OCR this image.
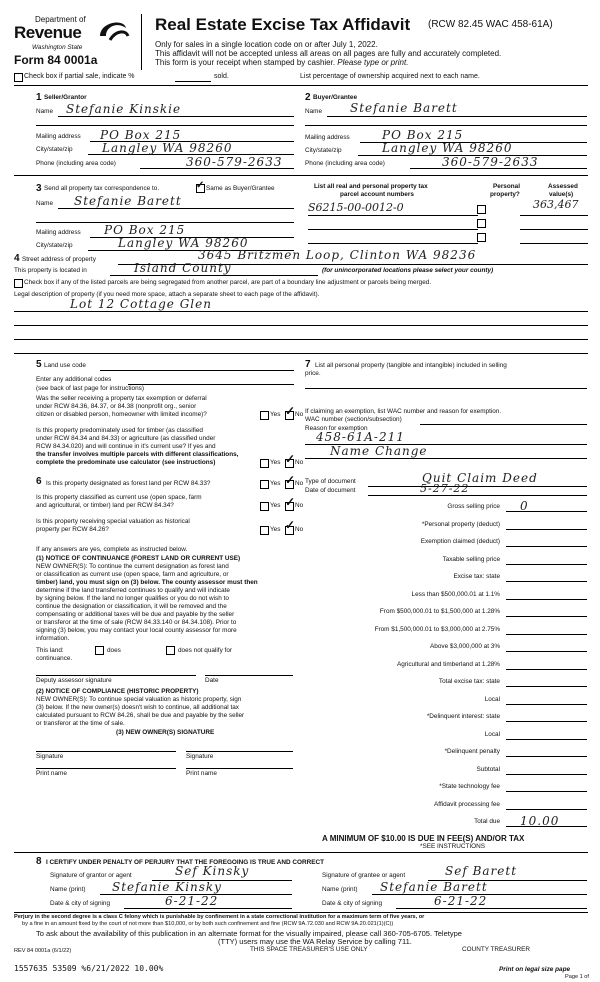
Department of
Revenue
Washington State
Form 84 0001a
Real Estate Excise Tax Affidavit (RCW 82.45 WAC 458-61A)
Only for sales in a single location code on or after July 1, 2022.
This affidavit will not be accepted unless all areas on all pages are fully and accurately completed.
This form is your receipt when stamped by cashier. Please type or print.
Check box if partial sale, indicate %	sold.	List percentage of ownership acquired next to each name.
1 Seller/Grantor
Name Stefanie Kinskie
Mailing address PO Box 215
City/state/zip Langley WA 98260
Phone (including area code)	360-579-2633
2 Buyer/Grantee
Name Stefanie Barett
Mailing address	PO Box 215
City/state/zip	Langley WA 98260
Phone (including area code)	360-579-2633
3 Send all property tax correspondence to.	✓ Same as Buyer/Grantee
Name Stefanie Barett
Mailing address PO Box 215
City/state/zip	Langley WA 98260
List all real and personal property tax
parcel account numbers
Personal
property?
Assessed
value(s)
S6215-00-0012-0	363,467
4 Street address of property	3645 Britzmen Loop, Clinton WA 98236
This property is located in	Island County	(for unincorporated locations please select your county)
Check box if any of the listed parcels are being segregated from another parcel, are part of a boundary line adjustment or parcels being merged.
Legal description of property (if you need more space, attach a separate sheet to each page of the affidavit).
Lot 12 Cottage Glen
5 Land use code
Enter any additional codes
(see back of last page for instructions)
Was the seller receiving a property tax exemption or deferral
under RCW 84.36, 84.37, or 84.38 (nonprofit org., senior
citizen or disabled person, homeowner with limited income)?	Yes ✓ No
Is this property predominately used for timber (as classified
under RCW 84.34 and 84.33) or agriculture (as classified under
RCW 84.34.020) and will continue in it's current use? If yes and
the transfer involves multiple parcels with different classifications,
complete the predominate use calculator (see instructions)	Yes ✓ No
6 Is this property designated as forest land per RCW 84.33?	Yes ✓ No
Is this property classified as current use (open space, farm
and agricultural, or timber) land per RCW 84.34?	Yes ✓ No
Is this property receiving special valuation as historical
property per RCW 84.26?	Yes ✓ No
If any answers are yes, complete as instructed below.
(1) NOTICE OF CONTINUANCE (FOREST LAND OR CURRENT USE)
NEW OWNER(S): To continue the current designation as forest land
or classification as current use (open space, farm and agriculture, or
timber) land, you must sign on (3) below. The county assessor must then
determine if the land transferred continues to qualify and will indicate
by signing below. If the land no longer qualifies or you do not wish to
continue the designation or classification, it will be removed and the
compensating or additional taxes will be due and payable by the seller
or transferor at the time of sale (RCW 84.33.140 or 84.34.108). Prior to
signing (3) below, you may contact your local county assessor for more
information.
This land:
continuance.
does	does not qualify for
Deputy assessor signature	Date
(2) NOTICE OF COMPLIANCE (HISTORIC PROPERTY)
NEW OWNER(S): To continue special valuation as historic property, sign
(3) below. If the new owner(s) doesn't wish to continue, all additional tax
calculated pursuant to RCW 84.26, shall be due and payable by the seller
or transferor at the time of sale.
(3) NEW OWNER(S) SIGNATURE
Signature	Signature
Print name	Print name
7 List all personal property (tangible and intangible) included in selling
price.
If claiming an exemption, list WAC number and reason for exemption.
WAC number (section/subsection)
Reason for exemption
458-61A-211
Name Change
Type of document	Quit Claim Deed
Date of document	5-27-22
Gross selling price 0
*Personal property (deduct)
Exemption claimed (deduct)
Taxable selling price
Excise tax: state
Less than $500,000.01 at 1.1%
From $500,000.01 to $1,500,000 at 1.28%
From $1,500,000.01 to $3,000,000 at 2.75%
Above $3,000,000 at 3%
Agricultural and timberland at 1.28%
Total excise tax: state
Local
*Delinquent interest: state
Local
*Delinquent penalty
Subtotal
*State technology fee
Affidavit processing fee
Total due 10.00
A MINIMUM OF $10.00 IS DUE IN FEE(S) AND/OR TAX
*SEE INSTRUCTIONS
8 I CERTIFY UNDER PENALTY OF PERJURY THAT THE FOREGOING IS TRUE AND CORRECT
Signature of grantor or agent	Sef Kinsky
Name (print) Stefanie Kinsky
Date & city of signing	6-21-22
Signature of grantee or agent	Sef Barett
Name (print) Stefanie Barett
Date & city of signing	6-21-22
Perjury in the second degree is a class C felony which is punishable by confinement in a state correctional institution for a maximum term of five years, or
by a fine in an amount fixed by the court of not more than $10,000, or by both such confinement and fine (RCW 9A.72.030 and RCW 9A.20.021(1)(C))
To ask about the availability of this publication in an alternate format for the visually impaired, please call 360-705-6705. Teletype
(TTY) users may use the WA Relay Service by calling 711.
REV 84 0001a (6/1/22)	THIS SPACE TREASURER'S USE ONLY	COUNTY TREASURER
1557635 53509 %6/21/2022 10.00%	Print on legal size pape
Page 1 of
